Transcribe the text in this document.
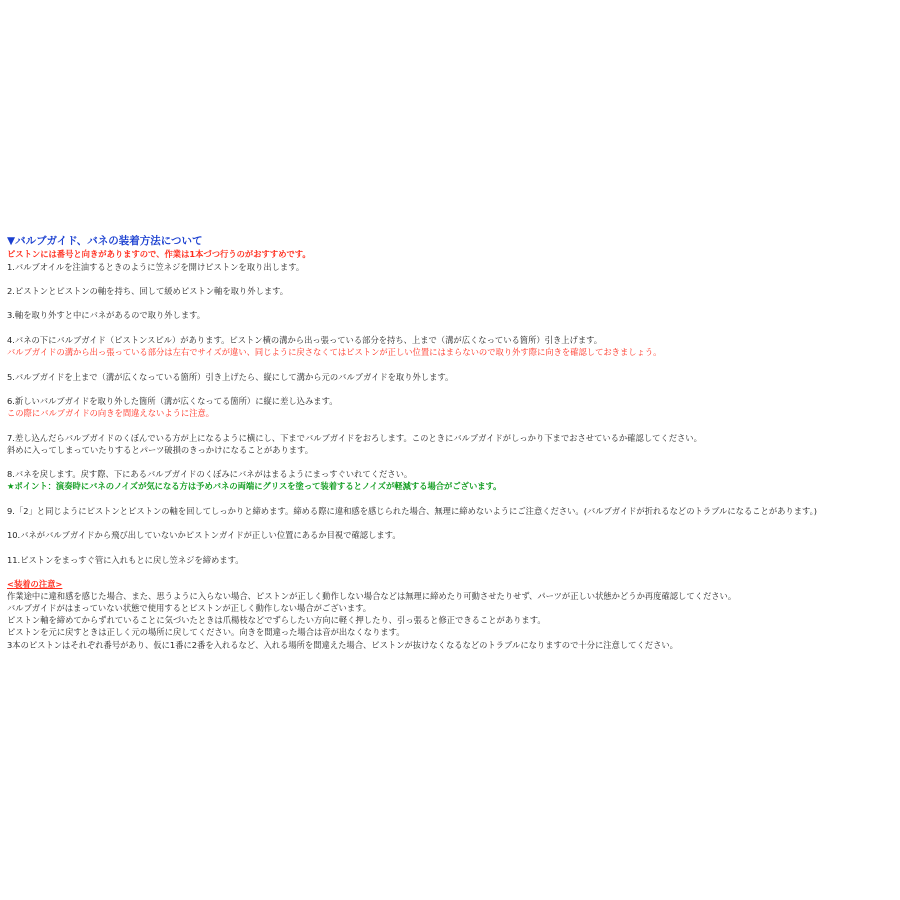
▼バルブガイド、バネの装着方法について

ピストンには番号と向きがありますので、作業は1本づつ行うのがおすすめです。

1.バルブオイルを注油するときのように笠ネジを開けピストンを取り出します。

2.ピストンとピストンの軸を持ち、回して緩めピストン軸を取り外します。

3.軸を取り外すと中にバネがあるので取り外します。

4.バネの下にバルブガイド（ピストンスピル）があります。ピストン横の溝から出っ張っている部分を持ち、上まで（溝が広くなっている箇所）引き上げます。

バルブガイドの溝から出っ張っている部分は左右でサイズが違い、同じように戻さなくてはピストンが正しい位置にはまらないので取り外す際に向きを確認しておきましょう。

5.バルブガイドを上まで（溝が広くなっている箇所）引き上げたら、縦にして溝から元のバルブガイドを取り外します。

6.新しいバルブガイドを取り外した箇所（溝が広くなってる箇所）に縦に差し込みます。

この際にバルブガイドの向きを間違えないように注意。

7.差し込んだらバルブガイドのくぼんでいる方が上になるように横にし、下までバルブガイドをおろします。このときにバルブガイドがしっかり下までおさせているか確認してください。

斜めに入ってしまっていたりするとパーツ破損のきっかけになることがあります。

8.バネを戻します。戻す際、下にあるバルブガイドのくぼみにバネがはまるようにまっすぐいれてください。

★ポイント：演奏時にバネのノイズが気になる方は予めバネの両端にグリスを塗って装着するとノイズが軽減する場合がございます。

9.「2」と同じようにピストンとピストンの軸を回してしっかりと締めます。締める際に違和感を感じられた場合、無理に締めないようにご注意ください。(バルブガイドが折れるなどのトラブルになることがあります。)

10.バネがバルブガイドから飛び出していないかピストンガイドが正しい位置にあるか目視で確認します。

11.ピストンをまっすぐ管に入れもとに戻し笠ネジを締めます。

<装着の注意>

作業途中に違和感を感じた場合、また、思うように入らない場合、ピストンが正しく動作しない場合などは無理に締めたり可動させたりせず、パーツが正しい状態かどうか再度確認してください。

バルブガイドがはまっていない状態で使用するとピストンが正しく動作しない場合がございます。

ピストン軸を締めてからずれていることに気づいたときは爪楊枝などでずらしたい方向に軽く押したり、引っ張ると修正できることがあります。

ピストンを元に戻すときは正しく元の場所に戻してください。向きを間違った場合は音が出なくなります。

3本のピストンはそれぞれ番号があり、仮に1番に2番を入れるなど、入れる場所を間違えた場合、ピストンが抜けなくなるなどのトラブルになりますので十分に注意してください。
